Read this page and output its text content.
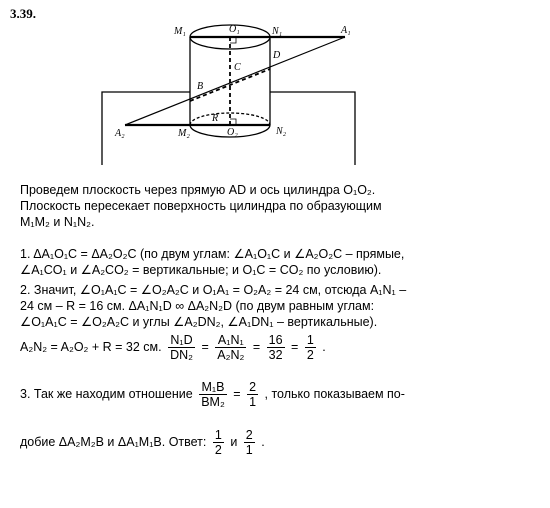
3.39.
M₁	O₁	N₁	A₁
D
C
B
A₂	M₂	O₂	N₂
R
Проведем плоскость через прямую AD и ось цилиндра O₁O₂.
Плоскость пересекает поверхность цилиндра по образующим
M₁M₂ и N₁N₂.
1. ΔA₁O₁C = ΔA₂O₂C (по двум углам: ∠A₁O₁C и ∠A₂O₂C – прямые,
∠A₁CO₁ и ∠A₂CO₂ = вертикальные; и O₁C = CO₂ по условию).
2. Значит, ∠O₁A₁C = ∠O₂A₂C и O₁A₁ = O₂A₂ = 24 см, отсюда A₁N₁ –
24 см – R = 16 см. ΔA₁N₁D ∞ ΔA₂N₂D (по двум равным углам:
∠O₁A₁C = ∠O₂A₂C и углы ∠A₂DN₂, ∠A₁DN₁ – вертикальные).
A₂N₂ = A₂O₂ + R = 32 см. $\frac{\text{N₁D}}{\text{DN₂}} = \frac{\text{A₁N₁}}{\text{A₂N₂}} = \frac{16}{32} = \frac{1}{2}$ .
3. Так же находим отношение $\frac{\text{M₁B}}{\text{BM₂}} = \frac{2}{1}$ , только показываем по-
добие ΔA₂M₂B и ΔA₁M₁B. Ответ: $\frac{1}{2}$ и $\frac{2}{1}$ .
